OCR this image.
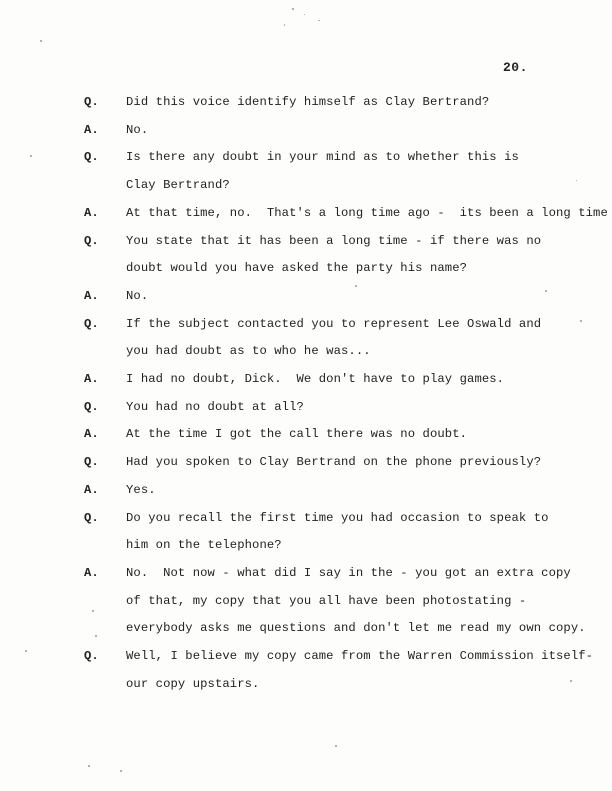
20.
Q. Did this voice identify himself as Clay Bertrand?
A. No.
Q. Is there any doubt in your mind as to whether this is
Clay Bertrand?
A. At that time, no.  That's a long time ago -  its been a long time
Q. You state that it has been a long time - if there was no
doubt would you have asked the party his name?
A. No.
Q. If the subject contacted you to represent Lee Oswald and
you had doubt as to who he was...
A. I had no doubt, Dick.  We don't have to play games.
Q. You had no doubt at all?
A. At the time I got the call there was no doubt.
Q. Had you spoken to Clay Bertrand on the phone previously?
A. Yes.
Q. Do you recall the first time you had occasion to speak to
him on the telephone?
A. No.  Not now - what did I say in the - you got an extra copy
of that, my copy that you all have been photostating -
everybody asks me questions and don't let me read my own copy.
Q. Well, I believe my copy came from the Warren Commission itself-
our copy upstairs.
